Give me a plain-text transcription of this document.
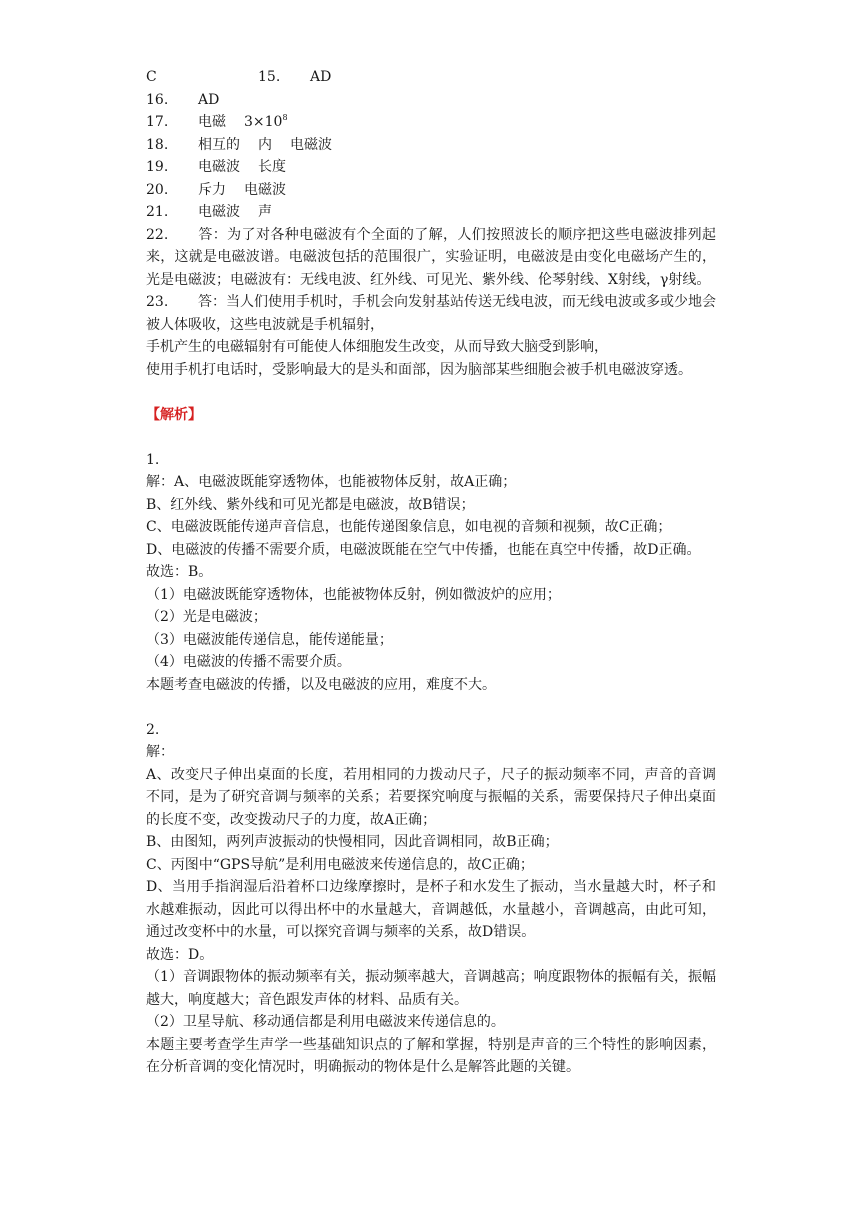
C	15. AD
16. AD
17. 电磁 $3\times 10^8$
18. 相互的 内 电磁波
19. 电磁波 长度
20. 斥力 电磁波
21. 电磁波 声
22. 答：为了对各种电磁波有个全面的了解，人们按照波长的顺序把这些电磁波排列起来，这就是电磁波谱。电磁波包括的范围很广，实验证明，电磁波是由变化电磁场产生的，光是电磁波；电磁波有：无线电波、红外线、可见光、紫外线、伦琴射线、X射线，γ射线。
23. 答：当人们使用手机时，手机会向发射基站传送无线电波，而无线电波或多或少地会被人体吸收，这些电波就是手机辐射，
手机产生的电磁辐射有可能使人体细胞发生改变，从而导致大脑受到影响，
使用手机打电话时，受影响最大的是头和面部，因为脑部某些细胞会被手机电磁波穿透。
【解析】
1.
解：A、电磁波既能穿透物体，也能被物体反射，故A正确；
B、红外线、紫外线和可见光都是电磁波，故B错误；
C、电磁波既能传递声音信息，也能传递图象信息，如电视的音频和视频，故C正确；
D、电磁波的传播不需要介质，电磁波既能在空气中传播，也能在真空中传播，故D正确。
故选：B。
（1）电磁波既能穿透物体，也能被物体反射，例如微波炉的应用；
（2）光是电磁波；
（3）电磁波能传递信息，能传递能量；
（4）电磁波的传播不需要介质。
本题考查电磁波的传播，以及电磁波的应用，难度不大。
2.
解：
A、改变尺子伸出桌面的长度，若用相同的力拨动尺子，尺子的振动频率不同，声音的音调不同，是为了研究音调与频率的关系；若要探究响度与振幅的关系，需要保持尺子伸出桌面的长度不变，改变拨动尺子的力度，故A正确；
B、由图知，两列声波振动的快慢相同，因此音调相同，故B正确；
C、丙图中“GPS导航”是利用电磁波来传递信息的，故C正确；
D、当用手指润湿后沿着杯口边缘摩擦时，是杯子和水发生了振动，当水量越大时，杯子和水越难振动，因此可以得出杯中的水量越大，音调越低，水量越小，音调越高，由此可知，通过改变杯中的水量，可以探究音调与频率的关系，故D错误。
故选：D。
（1）音调跟物体的振动频率有关，振动频率越大，音调越高；响度跟物体的振幅有关，振幅越大，响度越大；音色跟发声体的材料、品质有关。
（2）卫星导航、移动通信都是利用电磁波来传递信息的。
本题主要考查学生声学一些基础知识点的了解和掌握，特别是声音的三个特性的影响因素，在分析音调的变化情况时，明确振动的物体是什么是解答此题的关键。
